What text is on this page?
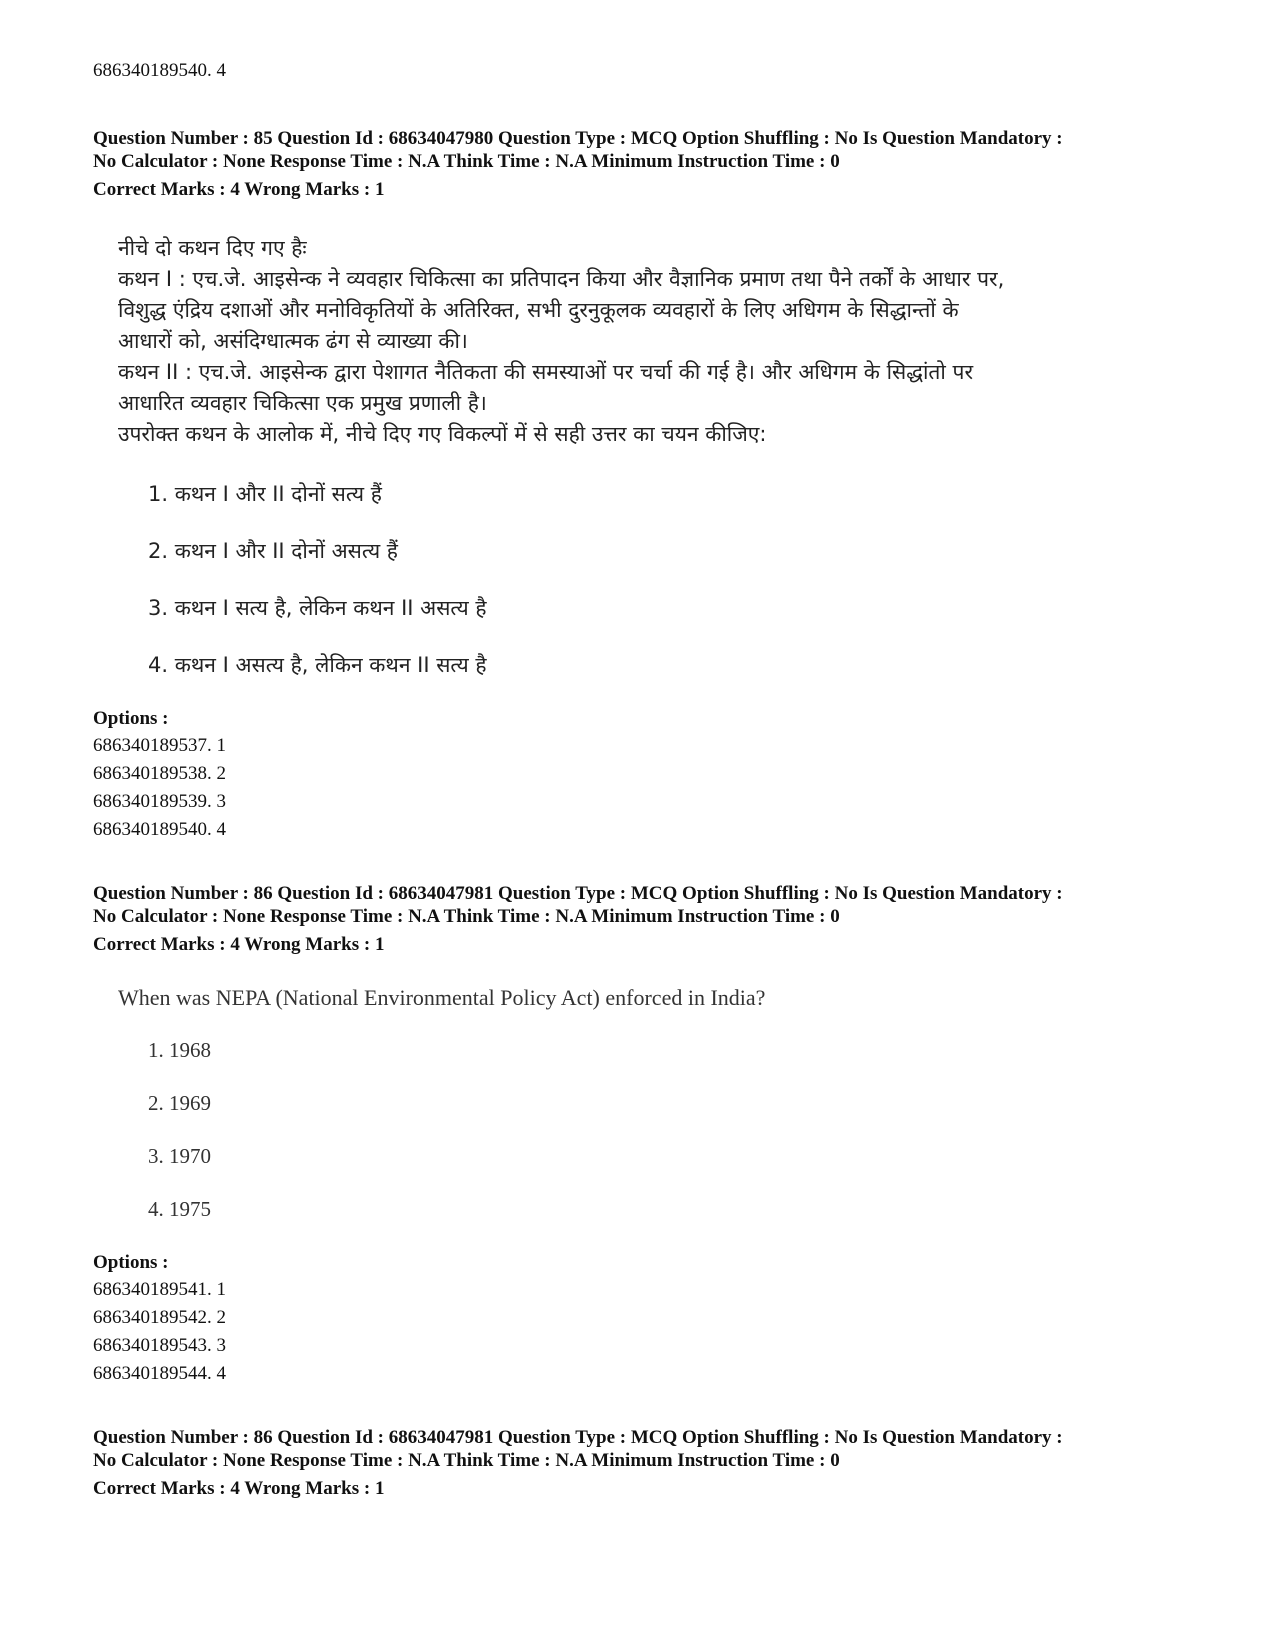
686340189540. 4
Question Number : 85 Question Id : 68634047980 Question Type : MCQ Option Shuffling : No Is Question Mandatory :
No Calculator : None Response Time : N.A Think Time : N.A Minimum Instruction Time : 0
Correct Marks : 4 Wrong Marks : 1
नीचे दो कथन दिए गए हैः
कथन I : एच.जे. आइसेन्क ने व्यवहार चिकित्सा का प्रतिपादन किया और वैज्ञानिक प्रमाण तथा पैने तर्कों के आधार पर,
विशुद्ध एंद्रिय दशाओं और मनोविकृतियों के अतिरिक्त, सभी दुरनुकूलक व्यवहारों के लिए अधिगम के सिद्धान्तों के
आधारों को, असंदिग्धात्मक ढंग से व्याख्या की।
कथन II : एच.जे. आइसेन्क द्वारा पेशागत नैतिकता की समस्याओं पर चर्चा की गई है। और अधिगम के सिद्धांतो पर
आधारित व्यवहार चिकित्सा एक प्रमुख प्रणाली है।
उपरोक्त कथन के आलोक में, नीचे दिए गए विकल्पों में से सही उत्तर का चयन कीजिए:
1. कथन I और II दोनों सत्य हैं
2. कथन I और II दोनों असत्य हैं
3. कथन I सत्य है, लेकिन कथन II असत्य है
4. कथन I असत्य है, लेकिन कथन II सत्य है
Options :
686340189537. 1
686340189538. 2
686340189539. 3
686340189540. 4
Question Number : 86 Question Id : 68634047981 Question Type : MCQ Option Shuffling : No Is Question Mandatory :
No Calculator : None Response Time : N.A Think Time : N.A Minimum Instruction Time : 0
Correct Marks : 4 Wrong Marks : 1
When was NEPA (National Environmental Policy Act) enforced in India?
1. 1968
2. 1969
3. 1970
4. 1975
Options :
686340189541. 1
686340189542. 2
686340189543. 3
686340189544. 4
Question Number : 86 Question Id : 68634047981 Question Type : MCQ Option Shuffling : No Is Question Mandatory :
No Calculator : None Response Time : N.A Think Time : N.A Minimum Instruction Time : 0
Correct Marks : 4 Wrong Marks : 1
